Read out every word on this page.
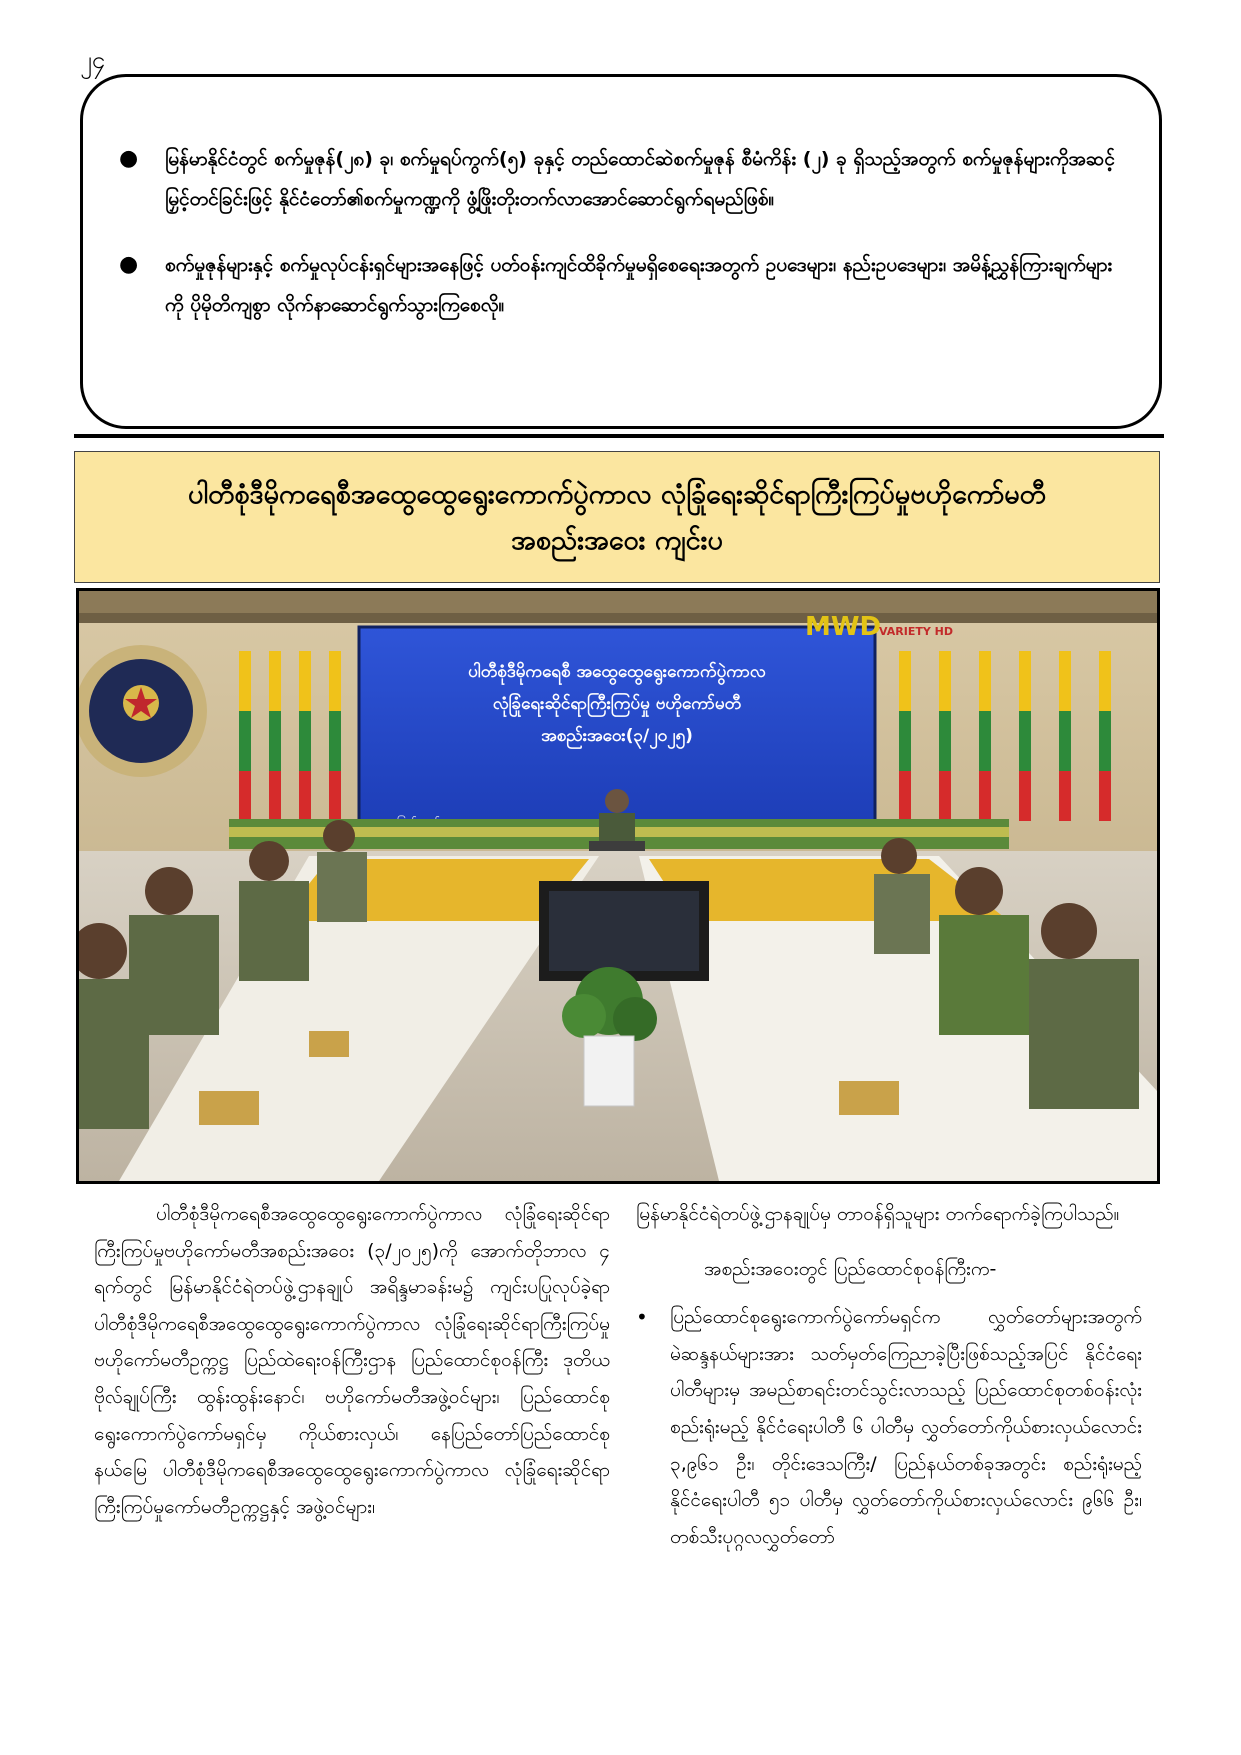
၂၄
● မြန်မာနိုင်ငံတွင် စက်မှုဇုန်(၂၈) ခု၊ စက်မှုရပ်ကွက်(၅) ခုနှင့် တည်ထောင်ဆဲစက်မှုဇုန် စီမံကိန်း (၂) ခု ရှိသည့်အတွက် စက်မှုဇုန်များကိုအဆင့်မြှင့်တင်ခြင်းဖြင့် နိုင်ငံတော်၏စက်မှုကဏ္ဍကို ဖွံ့ဖြိုးတိုးတက်လာအောင်ဆောင်ရွက်ရမည်ဖြစ်။
● စက်မှုဇုန်များနှင့် စက်မှုလုပ်ငန်းရှင်များအနေဖြင့် ပတ်ဝန်းကျင်ထိခိုက်မှုမရှိစေရေးအတွက် ဥပဒေများ၊ နည်းဥပဒေများ၊ အမိန့်ညွှန်ကြားချက်များကို ပိုမိုတိကျစွာ လိုက်နာဆောင်ရွက်သွားကြစေလို။
ပါတီစုံဒီမိုကရေစီအထွေထွေရွေးကောက်ပွဲကာလ လုံခြုံရေးဆိုင်ရာကြီးကြပ်မှုဗဟိုကော်မတီ
အစည်းအဝေး ကျင်းပ
ပါတီစုံဒီမိုကရေစီ အထွေထွေရွေးကောက်ပွဲကာလ
လုံခြုံရေးဆိုင်ရာကြီးကြပ်မှု ဗဟိုကော်မတီ
အစည်းအဝေး(၃/၂၀၂၅)
MWD
VARIETY HD
ပါတီစုံဒီမိုကရေစီအထွေထွေရွေးကောက်ပွဲကာလ လုံခြုံရေးဆိုင်ရာ ကြီးကြပ်မှုဗဟိုကော်မတီအစည်းအဝေး (၃/၂၀၂၅)ကို အောက်တိုဘာလ ၄ ရက်တွင် မြန်မာနိုင်ငံရဲတပ်ဖွဲ့ဌာနချုပ် အရိန္ဒမာခန်းမ၌ ကျင်းပပြုလုပ်ခဲ့ရာ ပါတီစုံဒီမိုကရေစီအထွေထွေရွေးကောက်ပွဲကာလ လုံခြုံရေးဆိုင်ရာကြီးကြပ်မှုဗဟိုကော်မတီဥက္ကဋ္ဌ ပြည်ထဲရေးဝန်ကြီးဌာန ပြည်ထောင်စုဝန်ကြီး ဒုတိယဗိုလ်ချုပ်ကြီး ထွန်းထွန်းနောင်၊ ဗဟိုကော်မတီအဖွဲ့ဝင်များ၊ ပြည်ထောင်စုရွေးကောက်ပွဲကော်မရှင်မှ ကိုယ်စားလှယ်၊ နေပြည်တော်ပြည်ထောင်စုနယ်မြေ ပါတီစုံဒီမိုကရေစီအထွေထွေရွေးကောက်ပွဲကာလ လုံခြုံရေးဆိုင်ရာကြီးကြပ်မှုကော်မတီဥက္ကဋ္ဌနှင့် အဖွဲ့ဝင်များ၊
မြန်မာနိုင်ငံရဲတပ်ဖွဲ့ဌာနချုပ်မှ တာဝန်ရှိသူများ တက်ရောက်ခဲ့ကြပါသည်။
အစည်းအဝေးတွင် ပြည်ထောင်စုဝန်ကြီးက-
• ပြည်ထောင်စုရွေးကောက်ပွဲကော်မရှင်က လွှတ်တော်များအတွက် မဲဆန္ဒနယ်များအား သတ်မှတ်ကြေညာခဲ့ပြီးဖြစ်သည့်အပြင် နိုင်ငံရေးပါတီများမှ အမည်စာရင်းတင်သွင်းလာသည့် ပြည်ထောင်စုတစ်ဝန်းလုံး စည်းရုံးမည့် နိုင်ငံရေးပါတီ ၆ ပါတီမှ လွှတ်တော်ကိုယ်စားလှယ်လောင်း ၃,၉၆၁ ဦး၊ တိုင်းဒေသကြီး/ ပြည်နယ်တစ်ခုအတွင်း စည်းရုံးမည့် နိုင်ငံရေးပါတီ ၅၁ ပါတီမှ လွှတ်တော်ကိုယ်စားလှယ်လောင်း ၉၆၆ ဦး၊ တစ်သီးပုဂ္ဂလလွှတ်တော်
